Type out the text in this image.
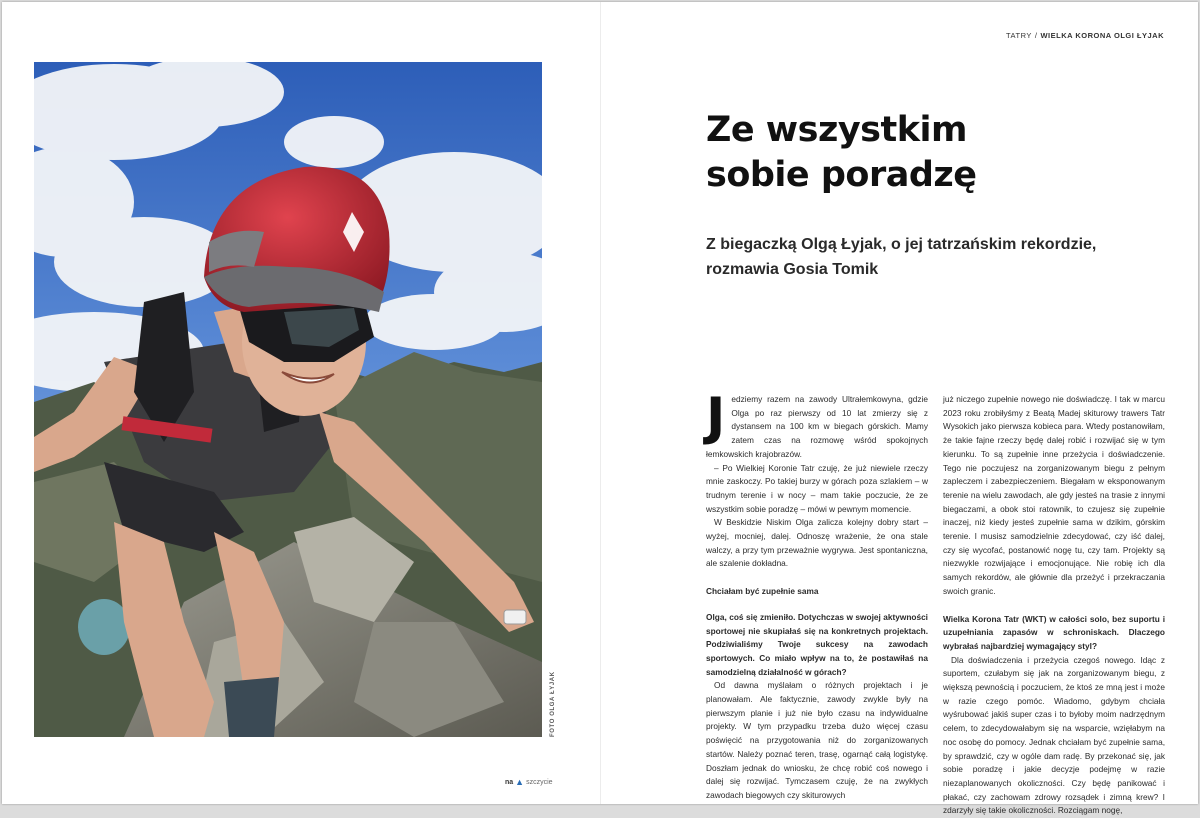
FOTO OLGA ŁYJAK
na ▲ szczycie
TATRY / WIELKA KORONA OLGI ŁYJAK
Ze wszystkim sobie poradzę
Z biegaczką Olgą Łyjak, o jej tatrzańskim rekordzie, rozmawia Gosia Tomik
J edziemy razem na zawody Ultrałemkowyna, gdzie Olga po raz pierwszy od 10 lat zmierzy się z dystansem na 100 km w biegach górskich. Mamy zatem czas na rozmowę wśród spokojnych łemkowskich krajobrazów.

– Po Wielkiej Koronie Tatr czuję, że już niewiele rzeczy mnie zaskoczy. Po takiej burzy w górach poza szlakiem – w trudnym terenie i w nocy – mam takie poczucie, że ze wszystkim sobie poradzę – mówi w pewnym momencie.

W Beskidzie Niskim Olga zalicza kolejny dobry start – wyżej, mocniej, dalej. Odnoszę wrażenie, że ona stale walczy, a przy tym przeważnie wygrywa. Jest spontaniczna, ale szalenie dokładna.

Chciałam być zupełnie sama

Olga, coś się zmieniło. Dotychczas w swojej aktywności sportowej nie skupiałaś się na konkretnych projektach. Podziwialiśmy Twoje sukcesy na zawodach sportowych. Co miało wpływ na to, że postawiłaś na samodzielną działalność w górach?

Od dawna myślałam o różnych projektach i je planowałam. Ale faktycznie, zawody zwykle były na pierwszym planie i już nie było czasu na indywidualne projekty. W tym przypadku trzeba dużo więcej czasu poświęcić na przygotowania niż do zorganizowanych startów. Należy poznać teren, trasę, ogarnąć całą logistykę. Doszłam jednak do wniosku, że chcę robić coś nowego i dalej się rozwijać. Tymczasem czuję, że na zwykłych zawodach biegowych czy skiturowych

już niczego zupełnie nowego nie doświadczę. I tak w marcu 2023 roku zrobiłyśmy z Beatą Madej skiturowy trawers Tatr Wysokich jako pierwsza kobieca para. Wtedy postanowiłam, że takie fajne rzeczy będę dalej robić i rozwijać się w tym kierunku. To są zupełnie inne przeżycia i doświadczenie. Tego nie poczujesz na zorganizowanym biegu z pełnym zapleczem i zabezpieczeniem. Biegałam w eksponowanym terenie na wielu zawodach, ale gdy jesteś na trasie z innymi biegaczami, a obok stoi ratownik, to czujesz się zupełnie inaczej, niż kiedy jesteś zupełnie sama w dzikim, górskim terenie. I musisz samodzielnie zdecydować, czy iść dalej, czy się wycofać, postanowić nogę tu, czy tam. Projekty są niezwykle rozwijające i emocjonujące. Nie robię ich dla samych rekordów, ale głównie dla przeżyć i przekraczania swoich granic.

Wielka Korona Tatr (WKT) w całości solo, bez suportu i uzupełniania zapasów w schroniskach. Dlaczego wybrałaś najbardziej wymagający styl?

Dla doświadczenia i przeżycia czegoś nowego. Idąc z suportem, czułabym się jak na zorganizowanym biegu, z większą pewnością i poczuciem, że ktoś ze mną jest i może w razie czego pomóc. Wiadomo, gdybym chciała wyśrubować jakiś super czas i to byłoby moim nadrzędnym celem, to zdecydowałabym się na wsparcie, wzięłabym na noc osobę do pomocy. Jednak chciałam być zupełnie sama, by sprawdzić, czy w ogóle dam radę. By przekonać się, jak sobie poradzę i jakie decyzje podejmę w razie niezaplanowanych okoliczności. Czy będę panikować i płakać, czy zachowam zdrowy rozsądek i zimną krew? I zdarzyły się takie okoliczności. Rozciągam nogę,
